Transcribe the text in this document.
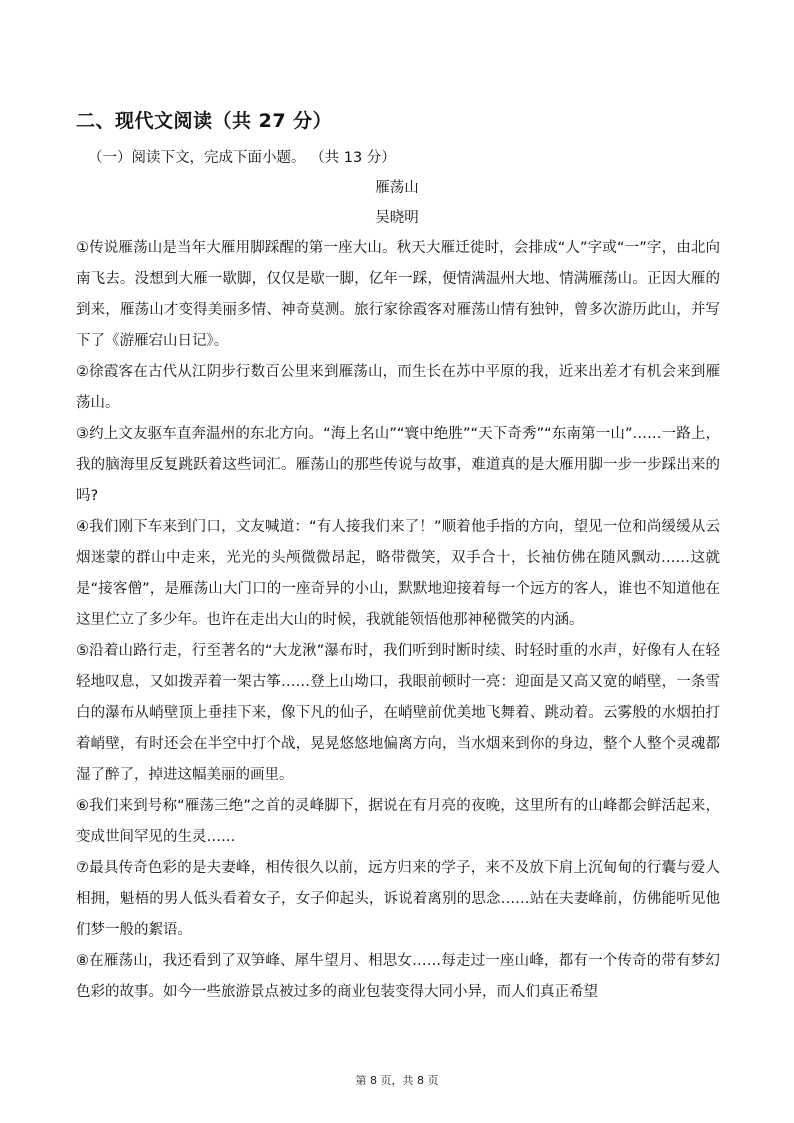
二、现代文阅读（共 27 分）
（一）阅读下文，完成下面小题。 （共 13 分）
雁荡山
吴晓明

①传说雁荡山是当年大雁用脚踩醒的第一座大山。秋天大雁迁徙时，会排成“人”字或“一”字，由北向南飞去。没想到大雁一歇脚，仅仅是歇一脚，亿年一踩，便情满温州大地、情满雁荡山。正因大雁的到来，雁荡山才变得美丽多情、神奇莫测。旅行家徐霞客对雁荡山情有独钟，曾多次游历此山，并写下了《游雁宕山日记》。

②徐霞客在古代从江阴步行数百公里来到雁荡山，而生长在苏中平原的我，近来出差才有机会来到雁荡山。

③约上文友驱车直奔温州的东北方向。“海上名山”“寰中绝胜”“天下奇秀”“东南第一山”……一路上，我的脑海里反复跳跃着这些词汇。雁荡山的那些传说与故事，难道真的是大雁用脚一步一步踩出来的吗?

④我们刚下车来到门口，文友喊道：“有人接我们来了！”顺着他手指的方向，望见一位和尚缓缓从云烟迷蒙的群山中走来，光光的头颅微微昂起，略带微笑，双手合十，长袖仿佛在随风飘动……这就是“接客僧”，是雁荡山大门口的一座奇异的小山，默默地迎接着每一个远方的客人，谁也不知道他在这里伫立了多少年。也许在走出大山的时候，我就能领悟他那神秘微笑的内涵。

⑤沿着山路行走，行至著名的“大龙湫”瀑布时，我们听到时断时续、时轻时重的水声，好像有人在轻轻地叹息，又如拨弄着一架古筝……登上山坳口，我眼前顿时一亮：迎面是又高又宽的峭壁，一条雪白的瀑布从峭壁顶上垂挂下来，像下凡的仙子，在峭壁前优美地飞舞着、跳动着。云雾般的水烟拍打着峭壁，有时还会在半空中打个战，晃晃悠悠地偏离方向，当水烟来到你的身边，整个人整个灵魂都湿了醉了，掉进这幅美丽的画里。

⑥我们来到号称“雁荡三绝”之首的灵峰脚下，据说在有月亮的夜晚，这里所有的山峰都会鲜活起来，变成世间罕见的生灵……

⑦最具传奇色彩的是夫妻峰，相传很久以前，远方归来的学子，来不及放下肩上沉甸甸的行囊与爱人相拥，魁梧的男人低头看着女子，女子仰起头，诉说着离别的思念……站在夫妻峰前，仿佛能听见他们梦一般的絮语。

⑧在雁荡山，我还看到了双笋峰、犀牛望月、相思女……每走过一座山峰，都有一个传奇的带有梦幻色彩的故事。如今一些旅游景点被过多的商业包装变得大同小异，而人们真正希望

第 8 页，共 8 页
